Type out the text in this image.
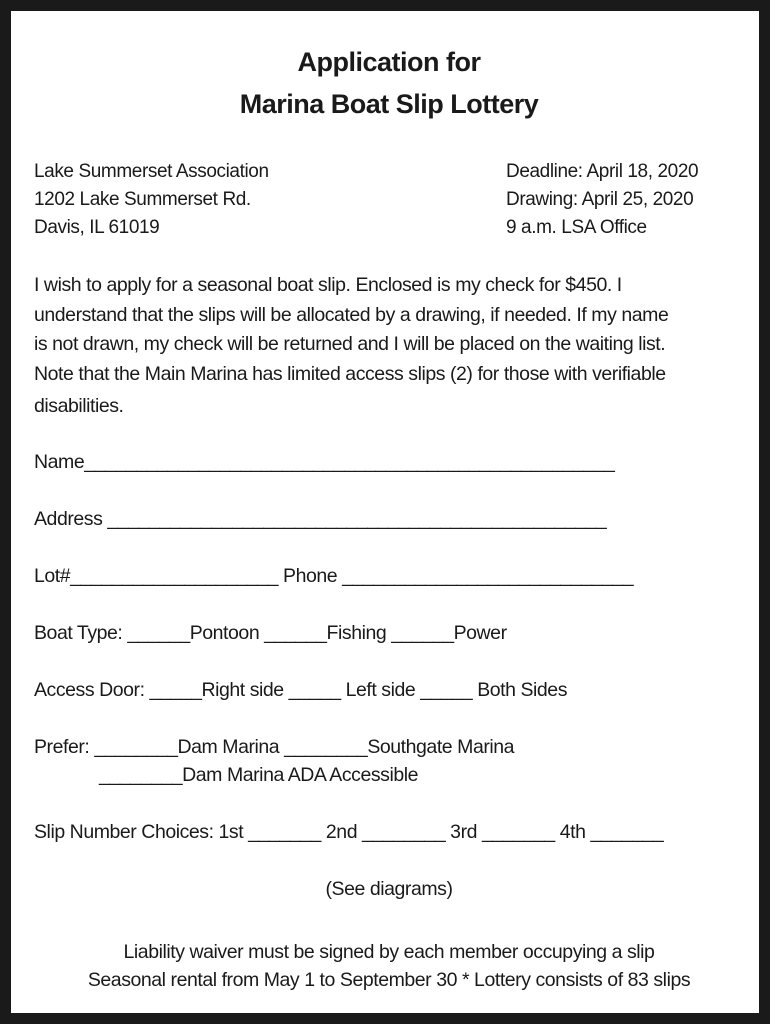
Application for
Marina Boat Slip Lottery
Lake Summerset Association
1202 Lake Summerset Rd.
Davis, IL 61019
Deadline: April 18, 2020
Drawing: April 25, 2020
9 a.m. LSA Office
I wish to apply for a seasonal boat slip. Enclosed is my check for $450. I
understand that the slips will be allocated by a drawing, if needed. If my name
is not drawn, my check will be returned and I will be placed on the waiting list.
Note that the Main Marina has limited access slips (2) for those with verifiable
disabilities.
Name___________________________________________________
Address ________________________________________________
Lot#____________________ Phone ____________________________
Boat Type: ______Pontoon ______Fishing ______Power
Access Door: _____Right side _____ Left side _____ Both Sides
Prefer: ________Dam Marina ________Southgate Marina
________Dam Marina ADA Accessible
Slip Number Choices: 1st _______ 2nd ________ 3rd _______ 4th _______
(See diagrams)
Liability waiver must be signed by each member occupying a slip
Seasonal rental from May 1 to September 30 * Lottery consists of 83 slips
